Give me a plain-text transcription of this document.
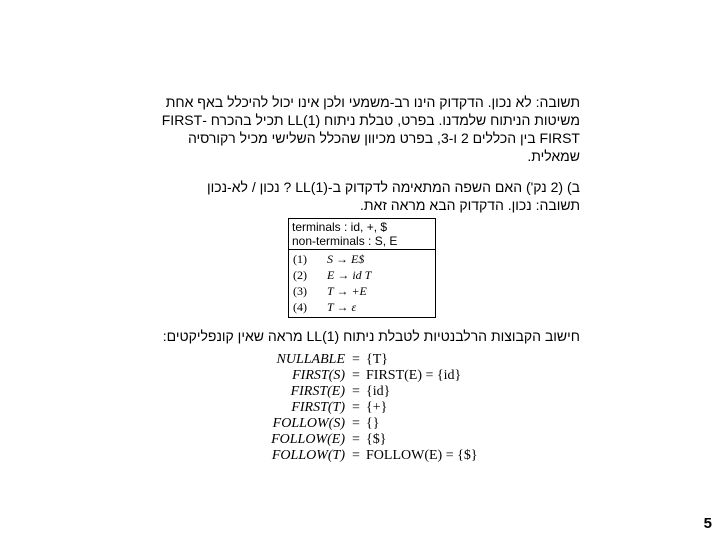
תשובה: לא נכון. הדקדוק הינו רב-משמעי ולכן אינו יכול להיכלל באף אחת
משיטות הניתוח שלמדנו. בפרט, טבלת ניתוח LL(1) תכיל בהכרח -FIRST
FIRST בין הכללים 2 ו-3, בפרט מכיוון שהכלל השלישי מכיל רקורסיה
שמאלית.
ב) (2 נק') האם השפה המתאימה לדקדוק ב-LL(1) ? נכון / לא-נכון
תשובה: נכון. הדקדוק הבא מראה זאת.
terminals : id, +, $
non-terminals : S, E
(1)	S → E$
(2)	E → id T
(3)	T → +E
(4)	T → ε
חישוב הקבוצות הרלבנטיות לטבלת ניתוח LL(1) מראה שאין קונפליקטים:
NULLABLE = {T}
FIRST(S) = FIRST(E) = {id}
FIRST(E) = {id}
FIRST(T) = {+}
FOLLOW(S) = {}
FOLLOW(E) = {$}
FOLLOW(T) = FOLLOW(E) = {$}
5
